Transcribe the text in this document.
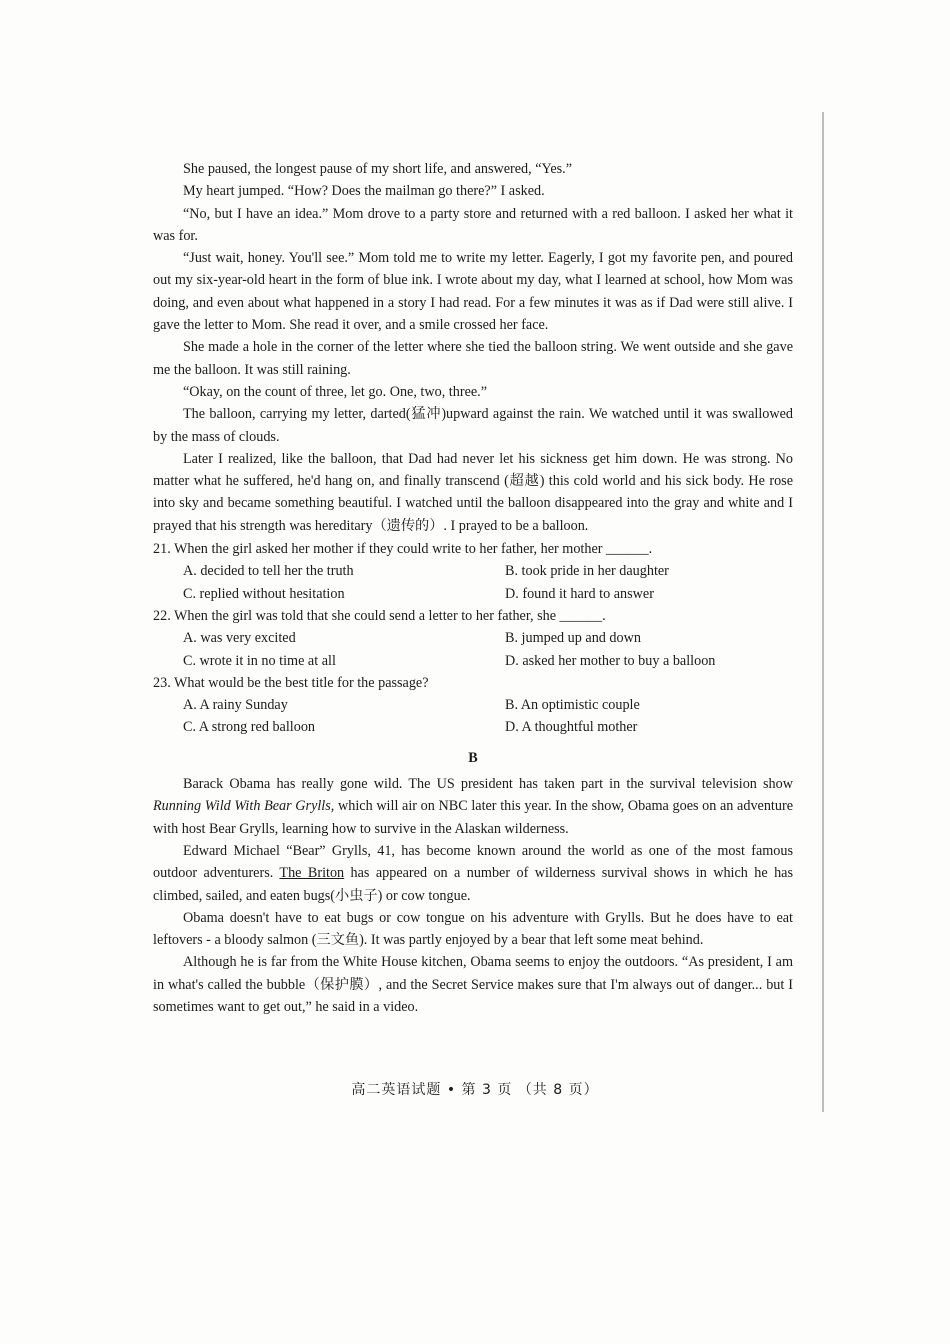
She paused, the longest pause of my short life, and answered, “Yes.”

My heart jumped. “How? Does the mailman go there?” I asked.

“No, but I have an idea.” Mom drove to a party store and returned with a red balloon. I asked her what it was for.

“Just wait, honey. You'll see.” Mom told me to write my letter. Eagerly, I got my favorite pen, and poured out my six-year-old heart in the form of blue ink. I wrote about my day, what I learned at school, how Mom was doing, and even about what happened in a story I had read. For a few minutes it was as if Dad were still alive. I gave the letter to Mom. She read it over, and a smile crossed her face.

She made a hole in the corner of the letter where she tied the balloon string. We went outside and she gave me the balloon. It was still raining.

“Okay, on the count of three, let go. One, two, three.”

The balloon, carrying my letter, darted(猛冲)upward against the rain. We watched until it was swallowed by the mass of clouds.

Later I realized, like the balloon, that Dad had never let his sickness get him down. He was strong. No matter what he suffered, he'd hang on, and finally transcend (超越) this cold world and his sick body. He rose into sky and became something beautiful. I watched until the balloon disappeared into the gray and white and I prayed that his strength was hereditary（遗传的）. I prayed to be a balloon.

21. When the girl asked her mother if they could write to her father, her mother ______.

A. decided to tell her the truth	B. took pride in her daughter
C. replied without hesitation	D. found it hard to answer

22. When the girl was told that she could send a letter to her father, she ______.

A. was very excited	B. jumped up and down
C. wrote it in no time at all	D. asked her mother to buy a balloon

23. What would be the best title for the passage?

A. A rainy Sunday	B. An optimistic couple
C. A strong red balloon	D. A thoughtful mother
B

Barack Obama has really gone wild. The US president has taken part in the survival television show Running Wild With Bear Grylls, which will air on NBC later this year. In the show, Obama goes on an adventure with host Bear Grylls, learning how to survive in the Alaskan wilderness.

Edward Michael “Bear” Grylls, 41, has become known around the world as one of the most famous outdoor adventurers. The Briton has appeared on a number of wilderness survival shows in which he has climbed, sailed, and eaten bugs(小虫子) or cow tongue.

Obama doesn't have to eat bugs or cow tongue on his adventure with Grylls. But he does have to eat leftovers - a bloody salmon (三文鱼). It was partly enjoyed by a bear that left some meat behind.

Although he is far from the White House kitchen, Obama seems to enjoy the outdoors. “As president, I am in what's called the bubble（保护膜）, and the Secret Service makes sure that I'm always out of danger... but I sometimes want to get out,” he said in a video.

高二英语试题 • 第 3 页 （共 8 页）
